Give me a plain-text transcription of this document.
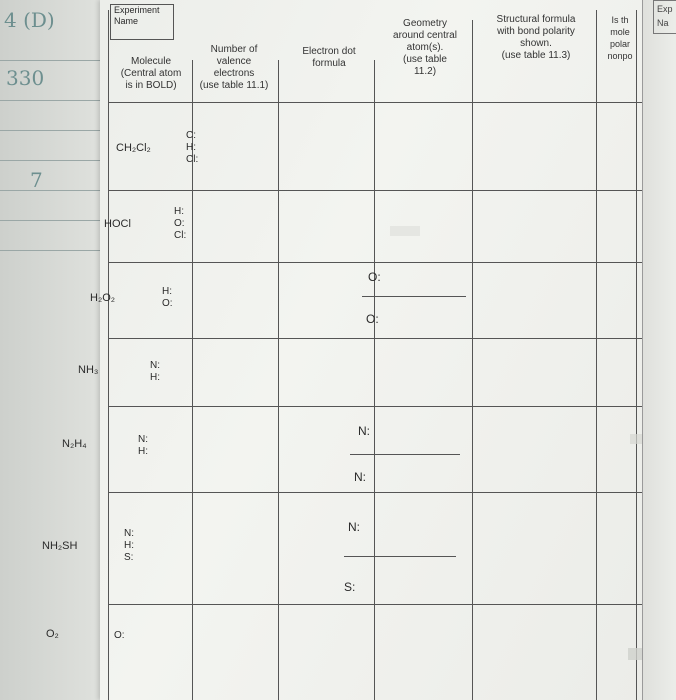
4 (D)
330
7
Experiment
Name
Molecule
(Central atom
is in BOLD)
Number of
valence
electrons
(use table 11.1)
Electron dot
formula
Geometry
around central
atom(s).
(use table
11.2)
Structural formula
with bond polarity
shown.
(use table 11.3)
Is th
mole
polar
nonpo
CH₂Cl₂
HOCl
H₂O₂
NH₃
N₂H₄
NH₂SH
O₂
C:
H:
Cl:
H:
O:
Cl:
H:
O:
N:
H:
N:
H:
N:
H:
S:
O:
O:
O:
N:
N:
N:
S:
Exp
Na
